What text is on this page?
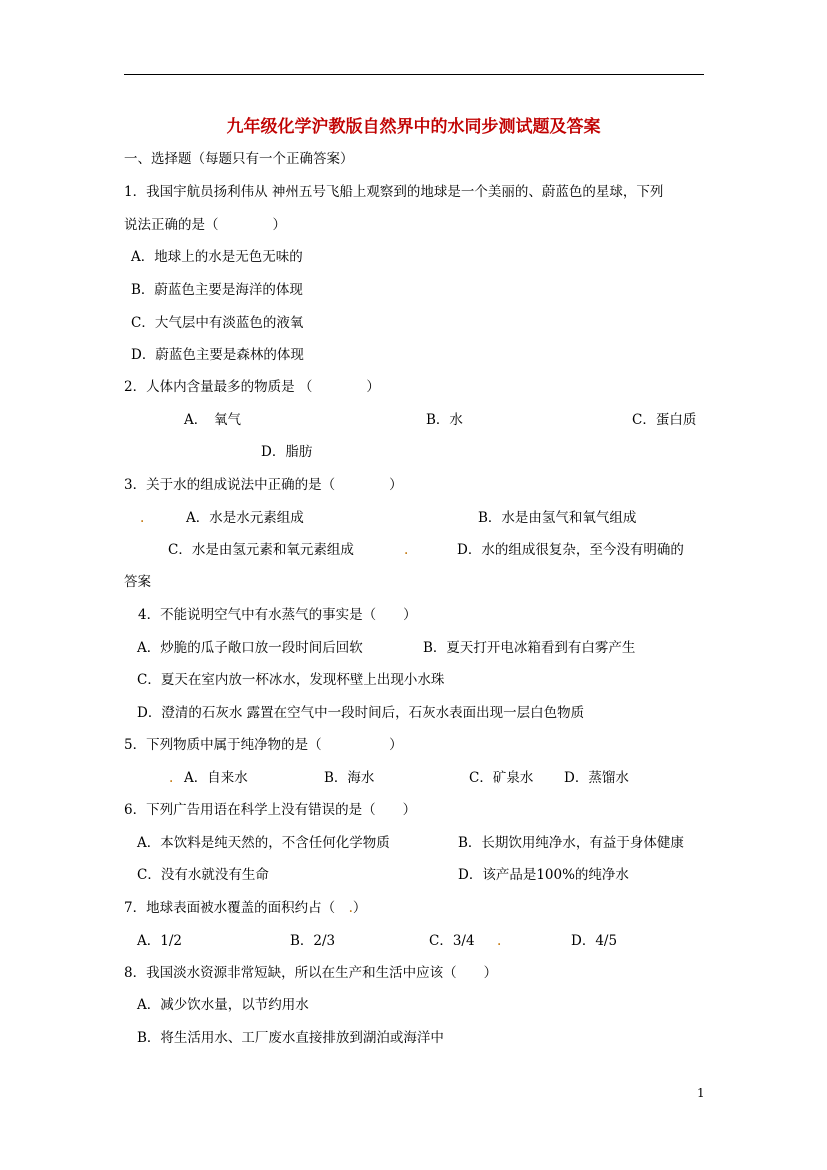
九年级化学沪教版自然界中的水同步测试题及答案
一、选择题（每题只有一个正确答案）
1．我国宇航员扬利伟从 神州五号飞船上观察到的地球是一个美丽的、蔚蓝色的星球，下列
说法正确的是（　　　　）
A．地球上的水是无色无味的
B．蔚蓝色主要是海洋的体现
C．大气层中有淡蓝色的液氧
D．蔚蓝色主要是森林的体现
2．人体内含量最多的物质是 （　　　　）
A．　氧气	B．水	C．蛋白质
D．脂肪
3．关于水的组成说法中正确的是（　　　　）
.	A．水是水元素组成	B．水是由氢气和氧气组成
C．水是由氢元素和氧元素组成	.	D．水的组成很复杂，至今没有明确的
答案
4．不能说明空气中有水蒸气的事实是（　　）
A．炒脆的瓜子敞口放一段时间后回软	B．夏天打开电冰箱看到有白雾产生
C．夏天在室内放一杯冰水，发现杯壁上出现小水珠
D．澄清的石灰水 露置在空气中一段时间后，石灰水表面出现一层白色物质
5．下列物质中属于纯净物的是（　　　　　）
. A．自来水	B．海水	C．矿泉水 D．蒸馏水
6．下列广告用语在科学上没有错误的是（　　）
A．本饮料是纯天然的，不含任何化学物质	B．长期饮用纯净水，有益于身体健康
C．没有水就没有生命	D．该产品是100%的纯净水
7．地球表面被水覆盖的面积约占（　.）
A．1/2	B．2/3	C．3/4 .	D．4/5
8．我国淡水资源非常短缺，所以在生产和生活中应该（　　）
A．减少饮水量，以节约用水
B．将生活用水、工厂废水直接排放到湖泊或海洋中
1
